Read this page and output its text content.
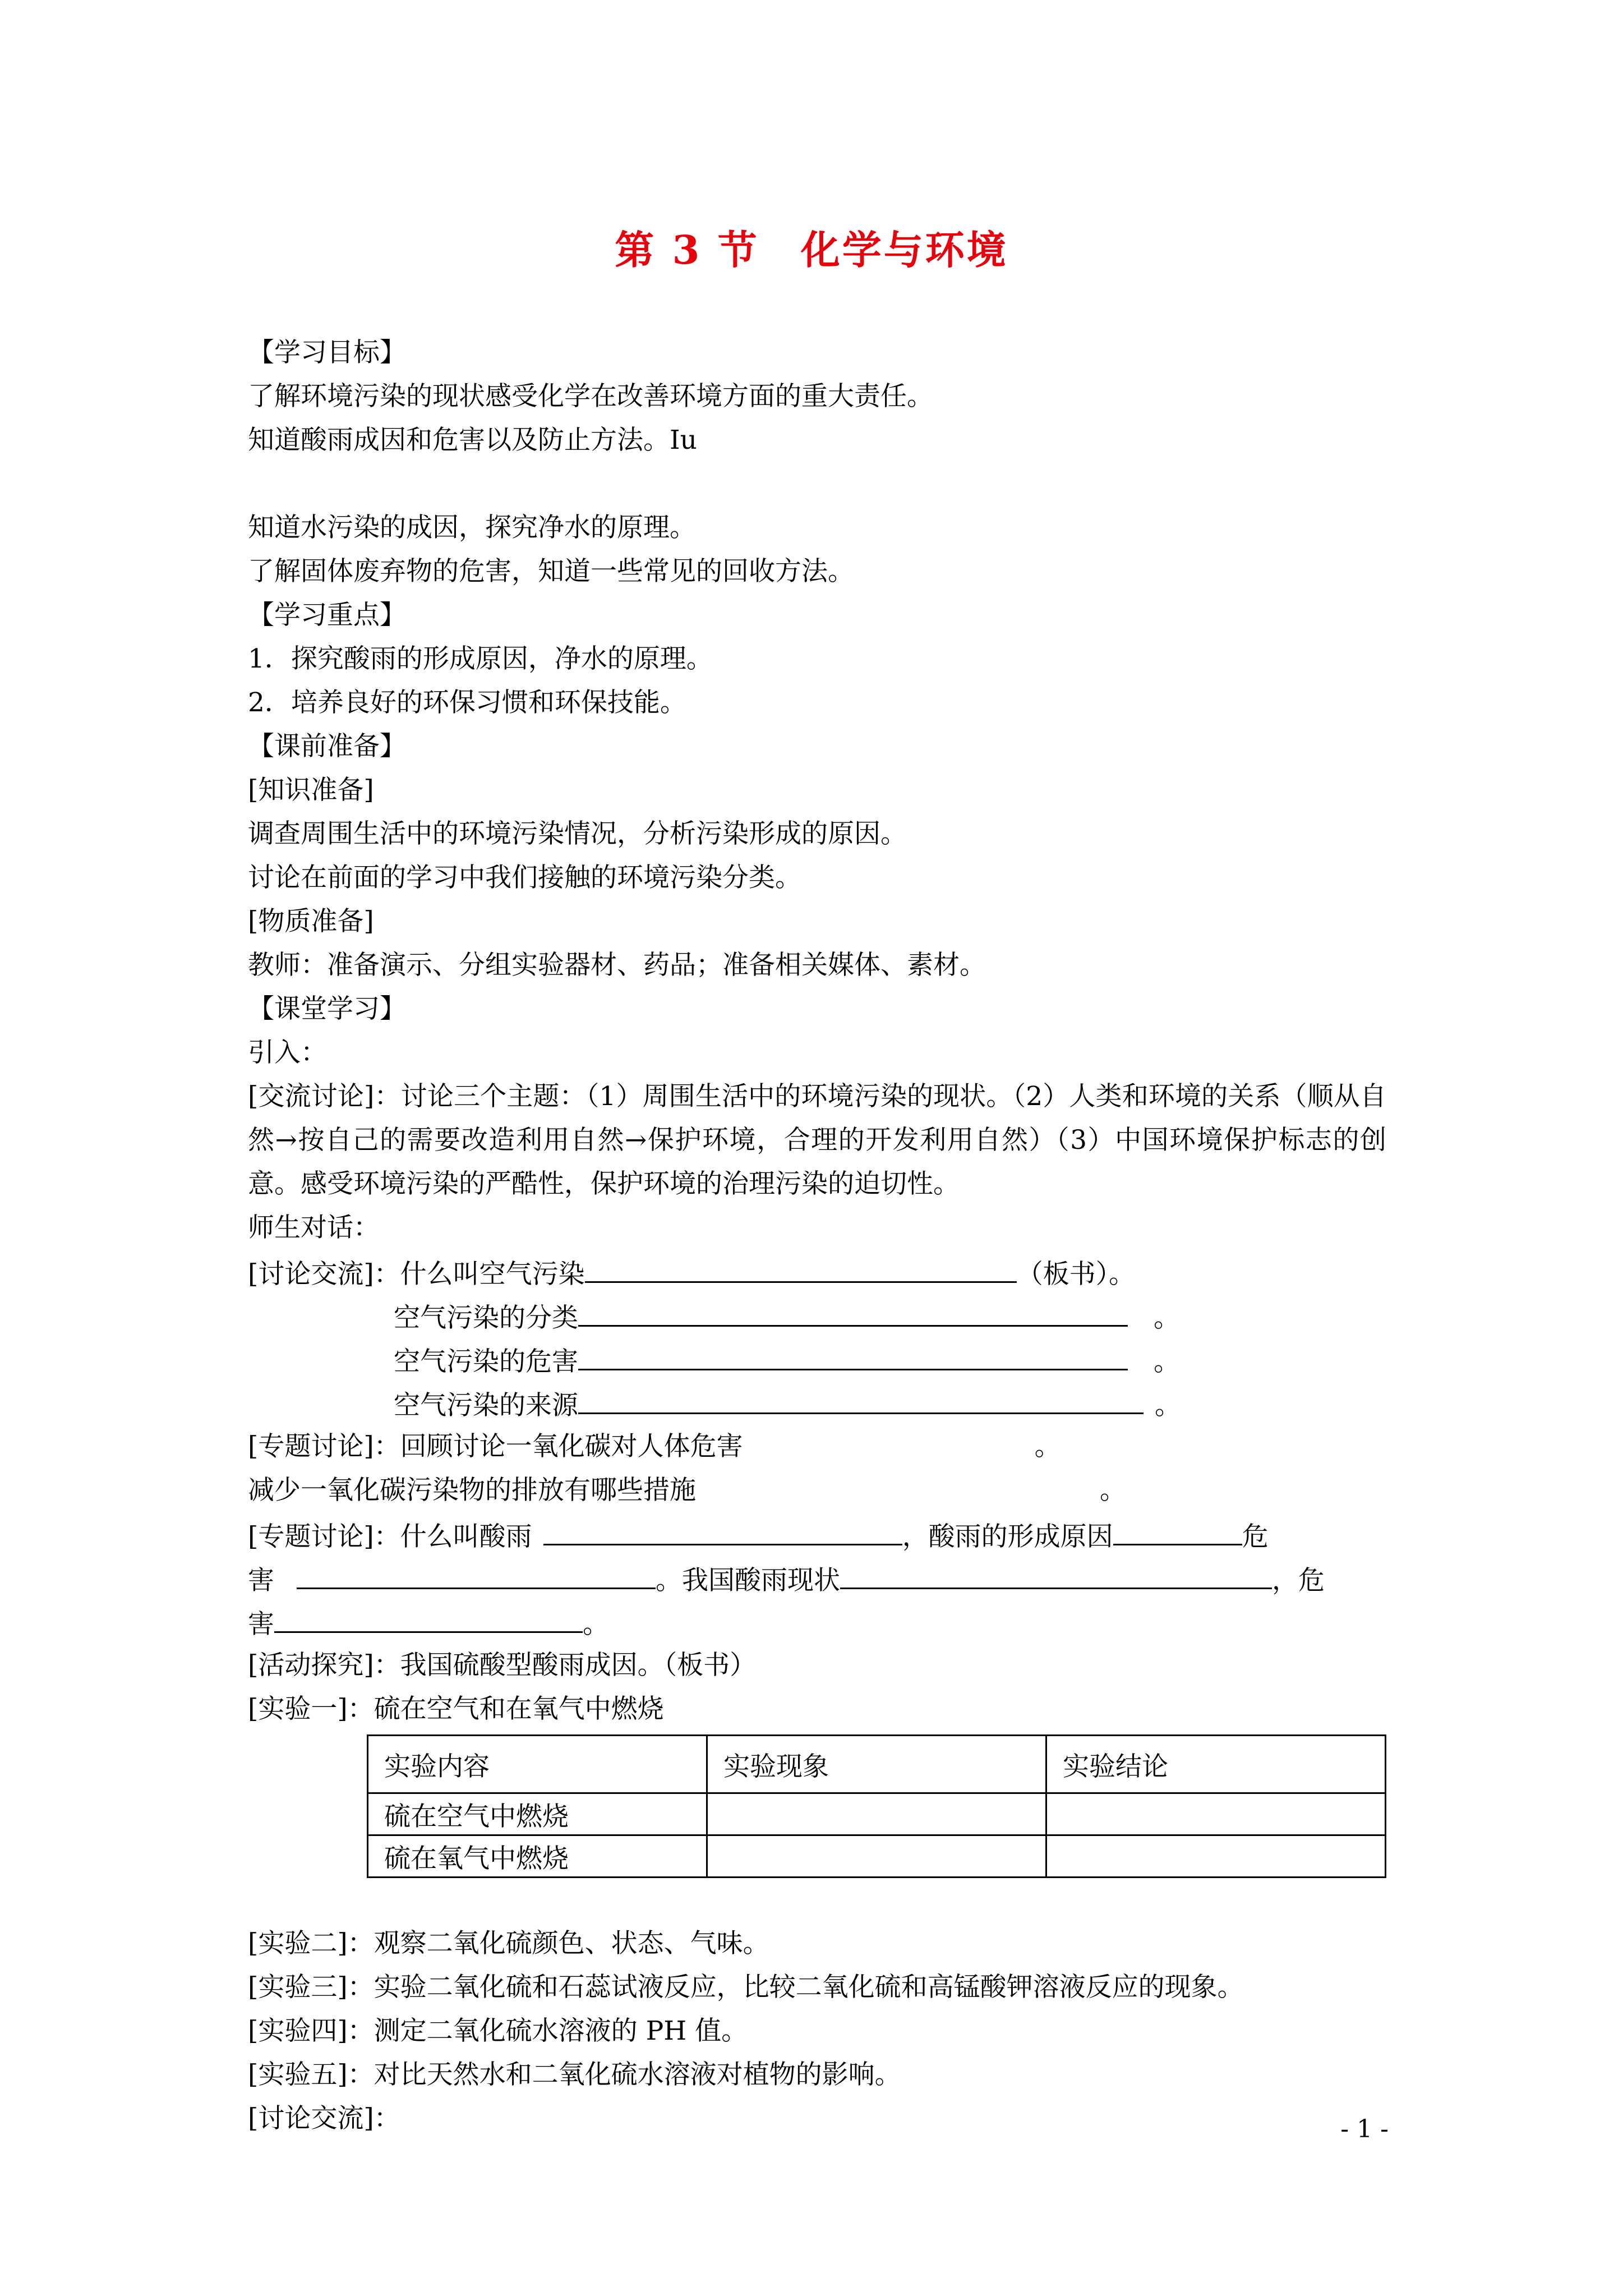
第 3 节　化学与环境

【学习目标】

了解环境污染的现状感受化学在改善环境方面的重大责任。

知道酸雨成因和危害以及防止方法。Iu

知道水污染的成因，探究净水的原理。

了解固体废弃物的危害，知道一些常见的回收方法。

【学习重点】

1．探究酸雨的形成原因，净水的原理。

2．培养良好的环保习惯和环保技能。

【课前准备】

[知识准备]

调查周围生活中的环境污染情况，分析污染形成的原因。

讨论在前面的学习中我们接触的环境污染分类。

[物质准备]

教师：准备演示、分组实验器材、药品；准备相关媒体、素材。

【课堂学习】

引入：

[交流讨论]：讨论三个主题：（1）周围生活中的环境污染的现状。（2）人类和环境的关系（顺从自然→按自己的需要改造利用自然→保护环境，合理的开发利用自然）（3）中国环境保护标志的创意。感受环境污染的严酷性，保护环境的治理污染的迫切性。

师生对话：

[讨论交流]：什么叫空气污染	（板书）。

空气污染的分类	。

空气污染的危害	。

空气污染的来源	。

[专题讨论]：回顾讨论一氧化碳对人体危害	。

减少一氧化碳污染物的排放有哪些措施	。

[专题讨论]：什么叫酸雨	，酸雨的形成原因	危

害	。我国酸雨现状	，危

害	。

[活动探究]：我国硫酸型酸雨成因。（板书）

[实验一]：硫在空气和在氧气中燃烧

实验内容	实验现象	实验结论
硫在空气中燃烧		
硫在氧气中燃烧		

[实验二]：观察二氧化硫颜色、状态、气味。

[实验三]：实验二氧化硫和石蕊试液反应，比较二氧化硫和高锰酸钾溶液反应的现象。

[实验四]：测定二氧化硫水溶液的 PH 值。

[实验五]：对比天然水和二氧化硫水溶液对植物的影响。

[讨论交流]：	- 1 -
